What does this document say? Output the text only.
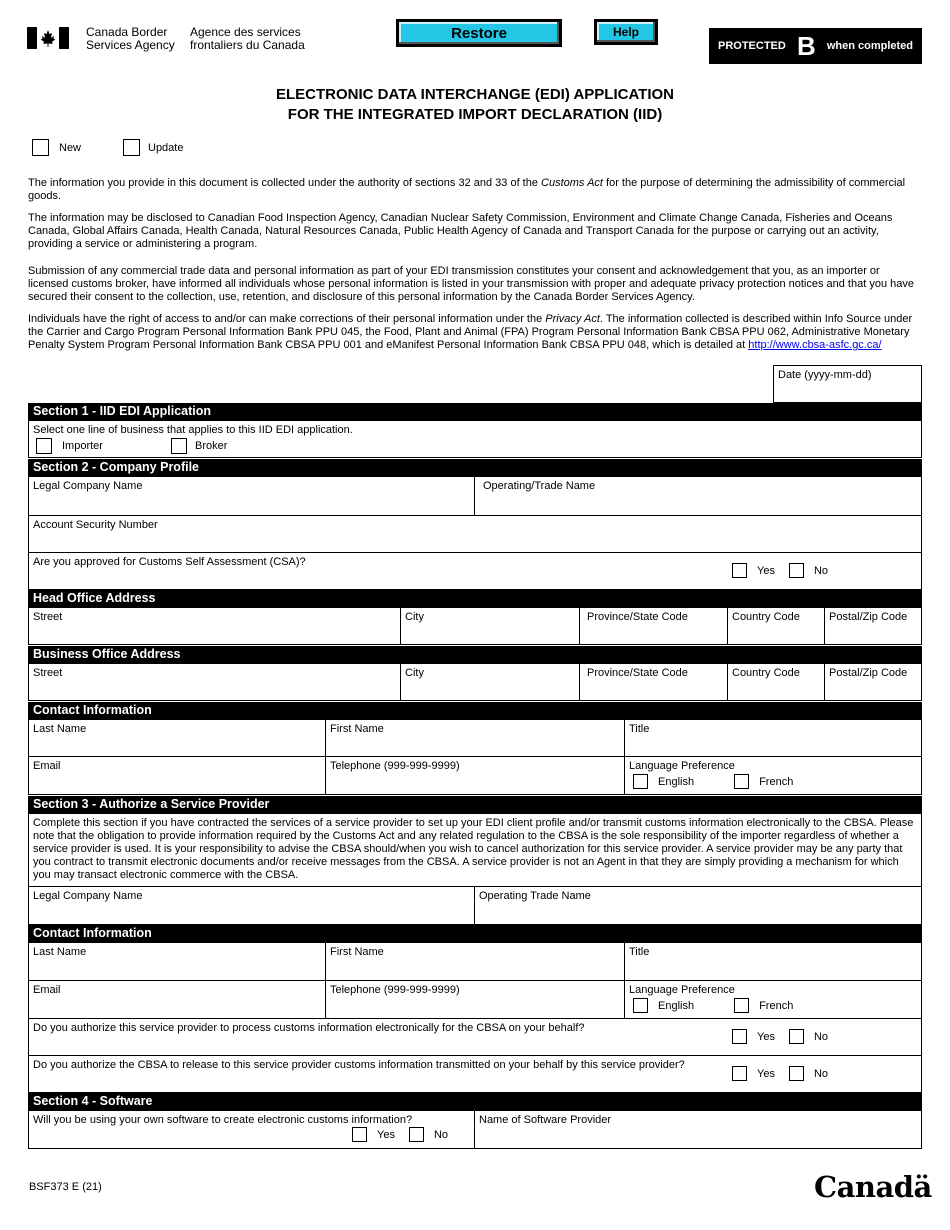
Canada Border
Services Agency
Agence des services
frontaliers du Canada
Restore	Help
PROTECTED B when completed
ELECTRONIC DATA INTERCHANGE (EDI) APPLICATION
FOR THE INTEGRATED IMPORT DECLARATION (IID)
New	Update
The information you provide in this document is collected under the authority of sections 32 and 33 of the Customs Act for the purpose of determining the admissibility of commercial goods.
The information may be disclosed to Canadian Food Inspection Agency, Canadian Nuclear Safety Commission, Environment and Climate Change Canada, Fisheries and Oceans Canada, Global Affairs Canada, Health Canada, Natural Resources Canada, Public Health Agency of Canada and Transport Canada for the purpose or carrying out an activity, providing a service or administering a program.
Submission of any commercial trade data and personal information as part of your EDI transmission constitutes your consent and acknowledgement that you, as an importer or licensed customs broker, have informed all individuals whose personal information is listed in your transmission with proper and adequate privacy protection notices and that you have secured their consent to the collection, use, retention, and disclosure of this personal information by the Canada Border Services Agency.
Individuals have the right of access to and/or can make corrections of their personal information under the Privacy Act. The information collected is described within Info Source under the Carrier and Cargo Program Personal Information Bank PPU 045, the Food, Plant and Animal (FPA) Program Personal Information Bank CBSA PPU 062, Administrative Monetary Penalty System Program Personal Information Bank CBSA PPU 001 and eManifest Personal Information Bank CBSA PPU 048, which is detailed at http://www.cbsa-asfc.gc.ca/
Date (yyyy-mm-dd)
Section 1 - IID EDI Application
Select one line of business that applies to this IID EDI application.
Importer	Broker
Section 2 - Company Profile
Legal Company Name	Operating/Trade Name
Account Security Number
Are you approved for Customs Self Assessment (CSA)?
Yes	No
Head Office Address
Street	City	Province/State Code	Country Code	Postal/Zip Code
Business Office Address
Street	City	Province/State Code	Country Code	Postal/Zip Code
Contact Information
Last Name	First Name	Title
Email	Telephone (999-999-9999)	Language Preference
English	French
Section 3 - Authorize a Service Provider
Complete this section if you have contracted the services of a service provider to set up your EDI client profile and/or transmit customs information electronically to the CBSA. Please note that the obligation to provide information required by the Customs Act and any related regulation to the CBSA is the sole responsibility of the importer regardless of whether a service provider is used. It is your responsibility to advise the CBSA should/when you wish to cancel authorization for this service provider. A service provider may be any party that you contract to transmit electronic documents and/or receive messages from the CBSA. A service provider is not an Agent in that they are simply providing a mechanism for which you may transact electronic commerce with the CBSA.
Legal Company Name	Operating Trade Name
Contact Information
Last Name	First Name	Title
Email	Telephone (999-999-9999)	Language Preference
English	French
Do you authorize this service provider to process customs information electronically for the CBSA on your behalf?
Yes	No
Do you authorize the CBSA to release to this service provider customs information transmitted on your behalf by this service provider?
Yes	No
Section 4 - Software
Will you be using your own software to create electronic customs information?
Yes	No
Name of Software Provider
BSF373 E (21)	Canadä
